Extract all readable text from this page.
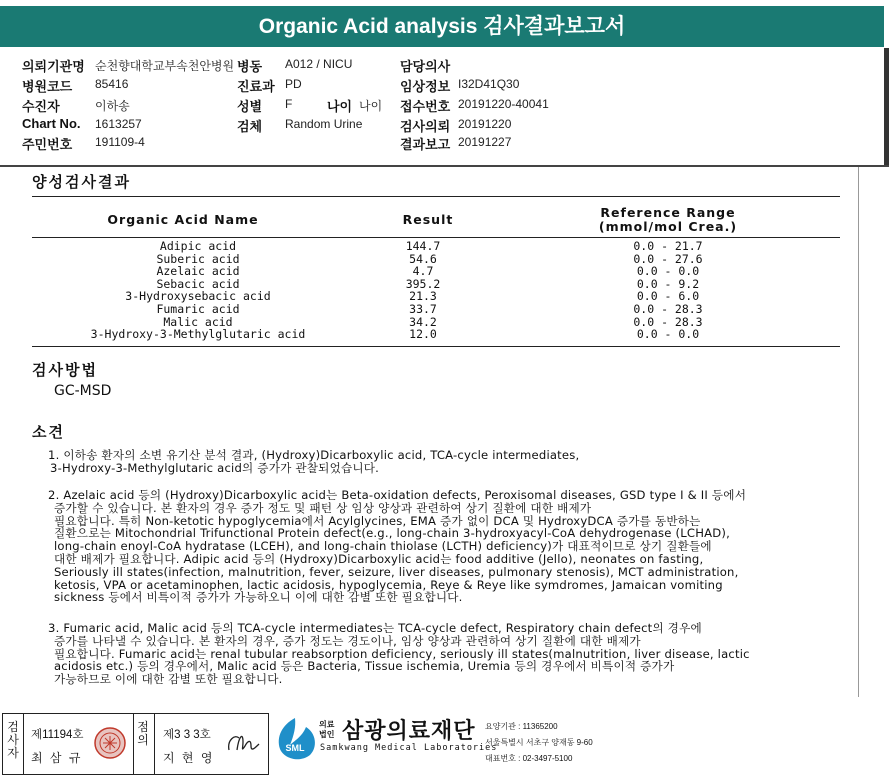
Organic Acid analysis 검사결과보고서
의뢰기관명 순천향대학교부속천안병원 병동 A012 / NICU	담당의사
병원코드 85416	진료과 PD	임상정보 I32D41Q30
수진자	이하송	성별 F	나이 나이 접수번호 20191220-40041
Chart No. 1613257	검체 Random Urine	검사의뢰 20191220
주민번호 191109-4	결과보고 20191227
양성검사결과
Organic Acid Name	Result	Reference Range
(mmol/mol Crea.)
Adipic acid	144.7	0.0 - 21.7
Suberic acid	54.6	0.0 - 27.6
Azelaic acid	4.7	0.0 - 0.0
Sebacic acid	395.2	0.0 - 9.2
3-Hydroxysebacic acid	21.3	0.0 - 6.0
Fumaric acid	33.7	0.0 - 28.3
Malic acid	34.2	0.0 - 28.3
3-Hydroxy-3-Methylglutaric acid	12.0	0.0 - 0.0
검사방법
GC-MSD
소견

1. 이하송 환자의 소변 유기산 분석 결과, (Hydroxy)Dicarboxylic acid, TCA-cycle intermediates,

3-Hydroxy-3-Methylglutaric acid의 증가가 관찰되었습니다.

2. Azelaic acid 등의 (Hydroxy)Dicarboxylic acid는 Beta-oxidation defects, Peroxisomal diseases, GSD type I & II 등에서

증가할 수 있습니다. 본 환자의 경우 증가 정도 및 패턴 상 임상 양상과 관련하여 상기 질환에 대한 배제가

필요합니다. 특히 Non-ketotic hypoglycemia에서 Acylglycines, EMA 증가 없이 DCA 및 HydroxyDCA 증가를 동반하는

질환으로는 Mitochondrial Trifunctional Protein defect(e.g., long-chain 3-hydroxyacyl-CoA dehydrogenase (LCHAD),

long-chain enoyl-CoA hydratase (LCEH), and long-chain thiolase (LCTH) deficiency)가 대표적이므로 상기 질환들에

대한 배제가 필요합니다. Adipic acid 등의 (Hydroxy)Dicarboxylic acid는 food additive (Jello), neonates on fasting,

Seriously ill states(infection, malnutrition, fever, seizure, liver diseases, pulmonary stenosis), MCT administration,

ketosis, VPA or acetaminophen, lactic acidosis, hypoglycemia, Reye & Reye like symdromes, Jamaican vomiting

sickness 등에서 비특이적 증가가 가능하오니 이에 대한 감별 또한 필요합니다.

3. Fumaric acid, Malic acid 등의 TCA-cycle intermediates는 TCA-cycle defect, Respiratory chain defect의 경우에

증가를 나타낼 수 있습니다. 본 환자의 경우, 증가 정도는 경도이나, 임상 양상과 관련하여 상기 질환에 대한 배제가

필요합니다. Fumaric acid는 renal tubular reabsorption deficiency, seriously ill states(malnutrition, liver disease, lactic

acidosis etc.) 등의 경우에서, Malic acid 등은 Bacteria, Tissue ischemia, Uremia 등의 경우에서 비특이적 증가가

가능하므로 이에 대한 감별 또한 필요합니다.

검사자
제11194호
최 삼 규
점의 제3 3 3호
지 현 영
SML
의료
법인 삼광의료재단
Samkwang Medical Laboratories
요양기관 : 11365200
서울특별시 서초구 양재동 9-60
대표번호 : 02-3497-5100
